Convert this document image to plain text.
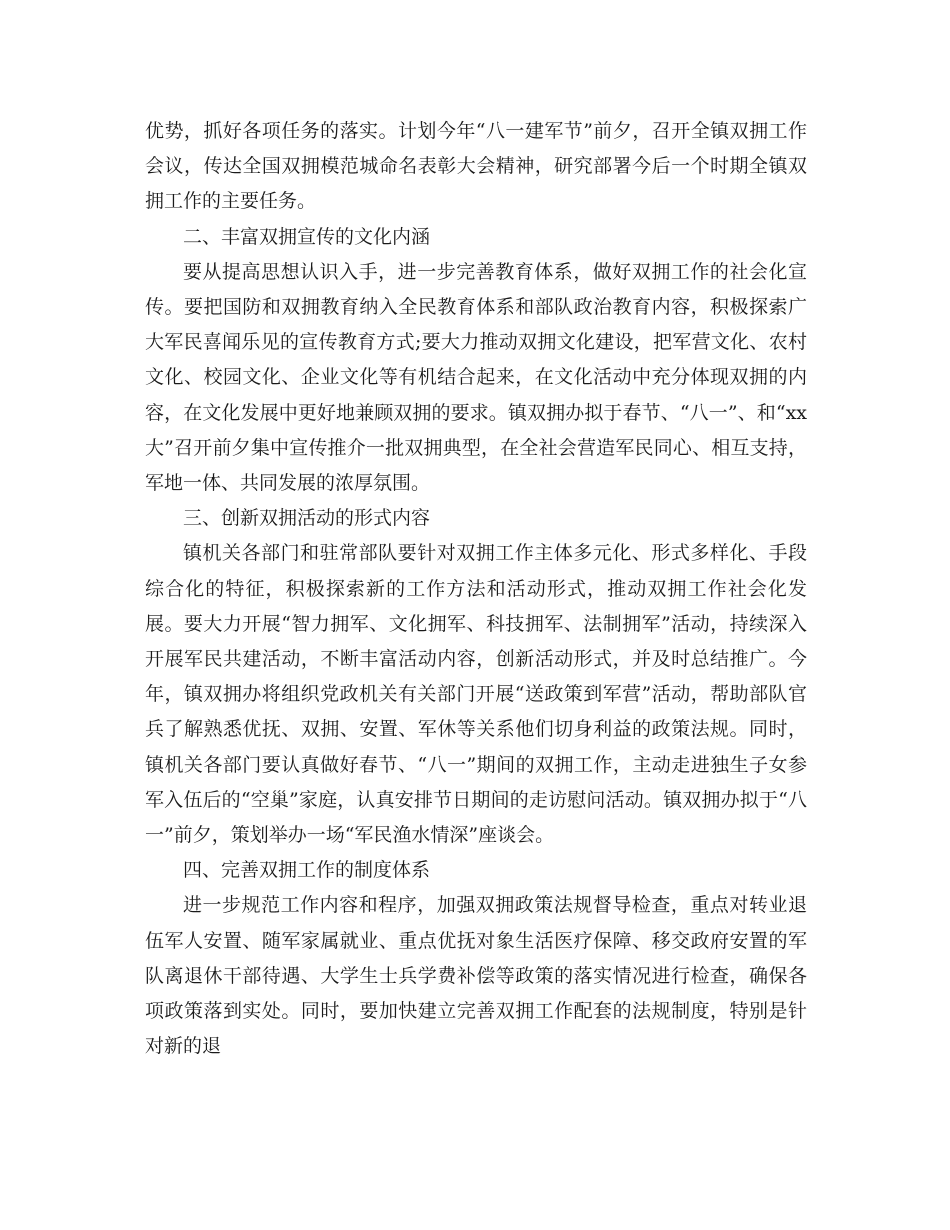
优势，抓好各项任务的落实。计划今年“八一建军节”前夕，召开全镇双拥工作会议，传达全国双拥模范城命名表彰大会精神，研究部署今后一个时期全镇双拥工作的主要任务。

二、丰富双拥宣传的文化内涵

要从提高思想认识入手，进一步完善教育体系，做好双拥工作的社会化宣传。要把国防和双拥教育纳入全民教育体系和部队政治教育内容，积极探索广大军民喜闻乐见的宣传教育方式;要大力推动双拥文化建设，把军营文化、农村文化、校园文化、企业文化等有机结合起来，在文化活动中充分体现双拥的内容，在文化发展中更好地兼顾双拥的要求。镇双拥办拟于春节、“八一”、和“xx大”召开前夕集中宣传推介一批双拥典型，在全社会营造军民同心、相互支持，军地一体、共同发展的浓厚氛围。

三、创新双拥活动的形式内容

镇机关各部门和驻常部队要针对双拥工作主体多元化、形式多样化、手段综合化的特征，积极探索新的工作方法和活动形式，推动双拥工作社会化发展。要大力开展“智力拥军、文化拥军、科技拥军、法制拥军”活动，持续深入开展军民共建活动，不断丰富活动内容，创新活动形式，并及时总结推广。今年，镇双拥办将组织党政机关有关部门开展“送政策到军营”活动，帮助部队官兵了解熟悉优抚、双拥、安置、军休等关系他们切身利益的政策法规。同时，镇机关各部门要认真做好春节、“八一”期间的双拥工作，主动走进独生子女参军入伍后的“空巢”家庭，认真安排节日期间的走访慰问活动。镇双拥办拟于“八一”前夕，策划举办一场“军民渔水情深”座谈会。

四、完善双拥工作的制度体系

进一步规范工作内容和程序，加强双拥政策法规督导检查，重点对转业退伍军人安置、随军家属就业、重点优抚对象生活医疗保障、移交政府安置的军队离退休干部待遇、大学生士兵学费补偿等政策的落实情况进行检查，确保各项政策落到实处。同时，要加快建立完善双拥工作配套的法规制度，特别是针对新的退
